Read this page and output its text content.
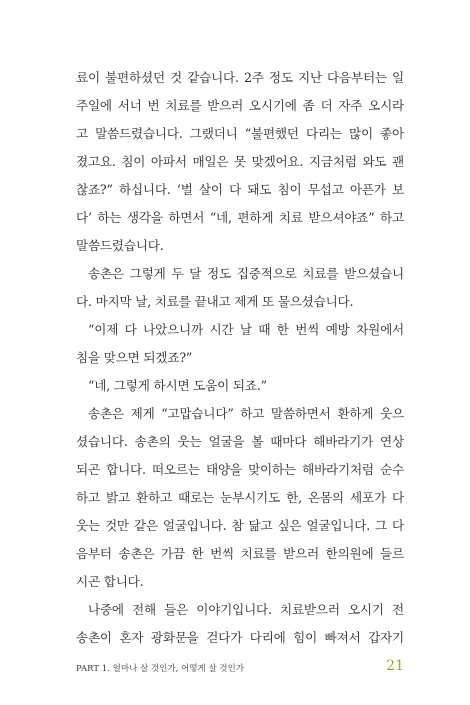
료이 불편하셨던 것 같습니다. 2주 정도 지난 다음부터는 일
주일에 서너 번 치료를 받으러 오시기에 좀 더 자주 오시라
고 말씀드렸습니다. 그랬더니 “불편했던 다리는 많이 좋아
졌고요. 침이 아파서 매일은 못 맞겠어요. 지금처럼 와도 괜
찮죠?” 하십니다. ‘벌 살이 다 돼도 침이 무섭고 아픈가 보
다’ 하는 생각을 하면서 “네, 편하게 치료 받으셔야죠” 하고
말씀드렸습니다.
송촌은 그렇게 두 달 정도 집중적으로 치료를 받으셨습니
다. 마지막 날, 치료를 끝내고 제게 또 물으셨습니다.
“이제 다 나았으니까 시간 날 때 한 번씩 예방 차원에서
침을 맞으면 되겠죠?”
“네, 그렇게 하시면 도움이 되죠.”
송촌은 제게 “고맙습니다” 하고 말씀하면서 환하게 웃으
셨습니다. 송촌의 웃는 얼굴을 볼 때마다 해바라기가 연상
되곤 합니다. 떠오르는 태양을 맞이하는 해바라기처럼 순수
하고 밝고 환하고 때로는 눈부시기도 한, 온몸의 세포가 다
웃는 것만 같은 얼굴입니다. 참 닮고 싶은 얼굴입니다. 그 다
음부터 송촌은 가끔 한 번씩 치료를 받으러 한의원에 들르
시곤 합니다.
나중에 전해 들은 이야기입니다. 치료받으러 오시기 전
송촌이 혼자 광화문을 걷다가 다리에 힘이 빠져서 갑자기
PART 1. 얼마나 살 것인가, 어떻게 살 것인가	21
